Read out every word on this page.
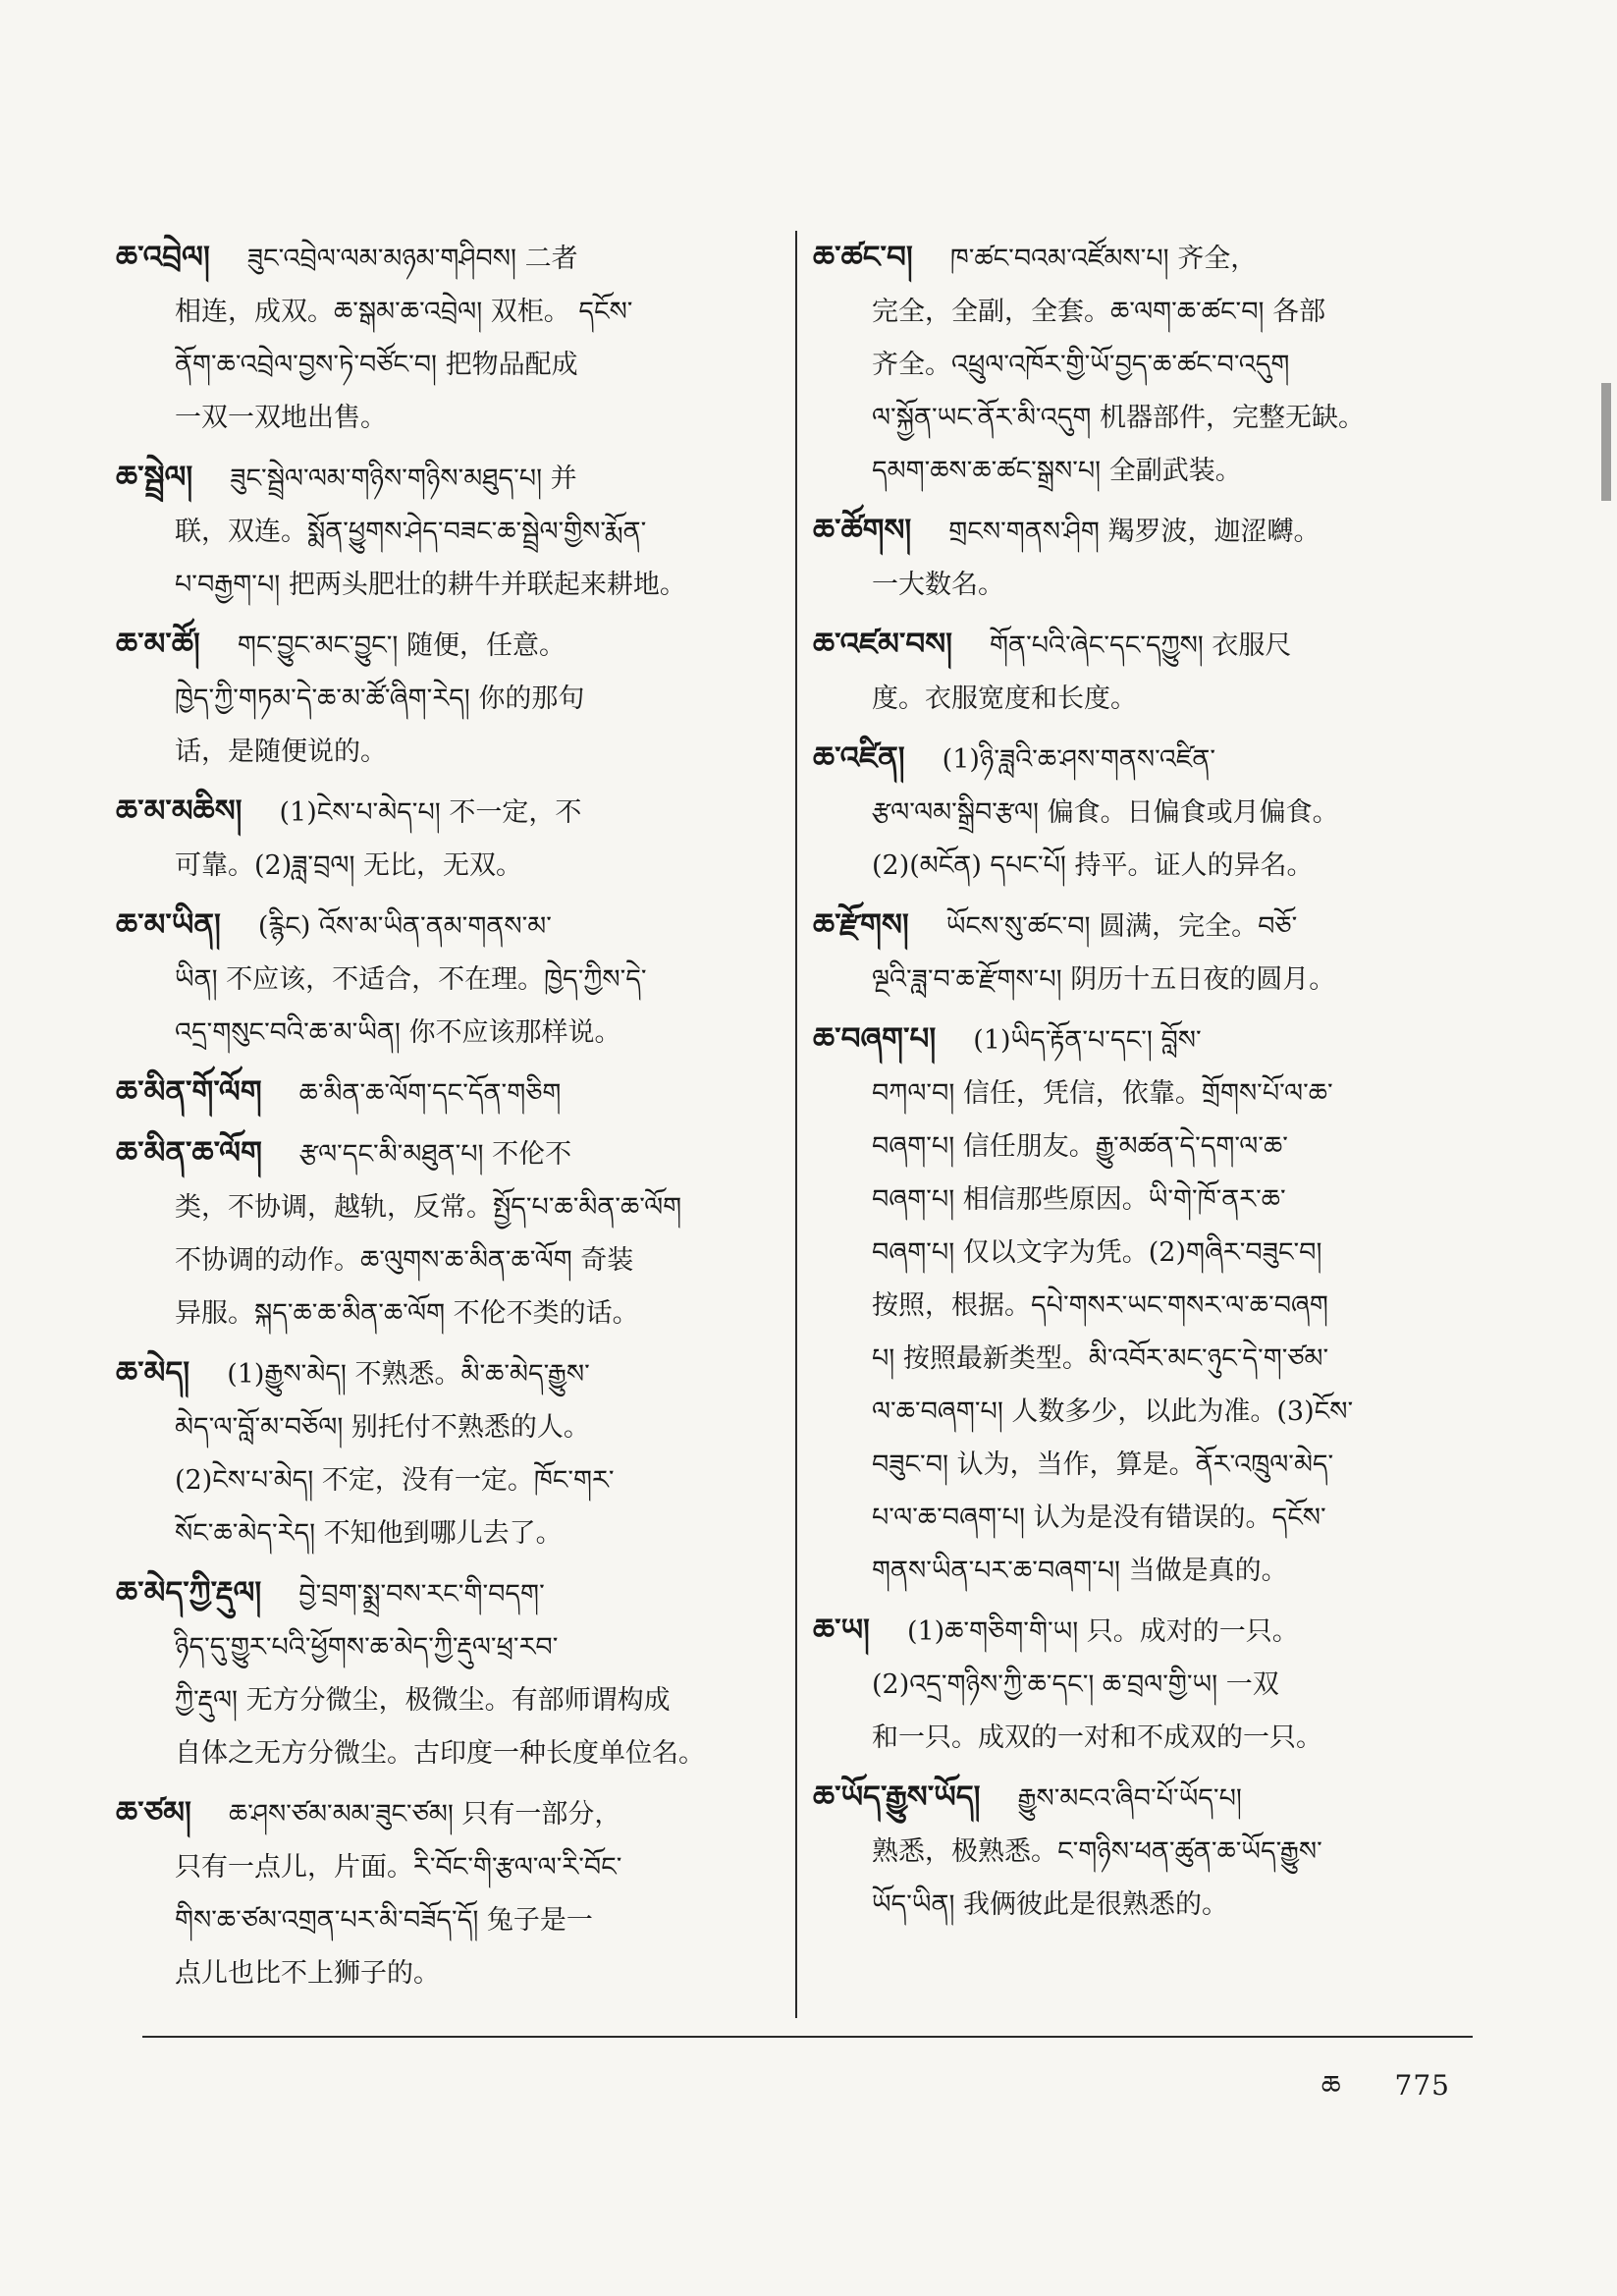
ཆ་འབྲེལ། ཟུང་འབྲེལ་ལམ་མཉམ་གཤིབས། 二者
相连，成双。ཆ་སྒམ་ཆ་འབྲེལ། 双柜。 དངོས་
ནོག་ཆ་འབྲེལ་བྱས་ཏེ་བཙོང་བ། 把物品配成
一双一双地出售。
ཆ་སྦྲེལ། ཟུང་སྦྲེལ་ལམ་གཉིས་གཉིས་མཐུད་པ། 并
联，双连。སྨོན་ཕྱུགས་ཤེད་བཟང་ཆ་སྦྲེལ་གྱིས་རྨོན་
པ་བརྒྱག་པ། 把两头肥壮的耕牛并联起来耕地。
ཆ་མ་ཚོ། གང་བྱུང་མང་བྱུང་། 随便，任意。
ཁྱེད་ཀྱི་གཏམ་དེ་ཆ་མ་ཚོ་ཞིག་རེད། 你的那句
话，是随便说的。
ཆ་མ་མཆིས། (1)ངེས་པ་མེད་པ། 不一定，不
可靠。(2)ཟླ་བྲལ། 无比，无双。
ཆ་མ་ཡིན། (རྙིང) འོས་མ་ཡིན་ནམ་གནས་མ་
ཡིན། 不应该，不适合，不在理。ཁྱེད་ཀྱིས་དེ་
འདྲ་གསུང་བའི་ཆ་མ་ཡིན། 你不应该那样说。
ཆ་མིན་གོ་ལོག ཆ་མིན་ཆ་ལོག་དང་དོན་གཅིག
ཆ་མིན་ཆ་ལོག རྩལ་དང་མི་མཐུན་པ། 不伦不
类，不协调，越轨，反常。སྤྱོད་པ་ཆ་མིན་ཆ་ལོག
不协调的动作。ཆ་ལུགས་ཆ་མིན་ཆ་ལོག 奇装
异服。སྐད་ཆ་ཆ་མིན་ཆ་ལོག 不伦不类的话。
ཆ་མེད། (1)རྒྱུས་མེད། 不熟悉。མི་ཆ་མེད་རྒྱུས་
མེད་ལ་བློ་མ་བཅོལ། 别托付不熟悉的人。
(2)ངེས་པ་མེད། 不定，没有一定。ཁོང་གར་
སོང་ཆ་མེད་རེད། 不知他到哪儿去了。
ཆ་མེད་ཀྱི་རྡུལ། བྱེ་བྲག་སྨྲ་བས་རང་གི་བདག་
ཉིད་དུ་གྱུར་པའི་ཕྱོགས་ཆ་མེད་ཀྱི་རྡུལ་ཕྲ་རབ་
ཀྱི་རྡུལ། 无方分微尘，极微尘。有部师谓构成
自体之无方分微尘。古印度一种长度单位名。
ཆ་ཙམ། ཆ་ཤས་ཙམ་མམ་ཟུང་ཙམ། 只有一部分，
只有一点儿，片面。རི་བོང་གི་རྩལ་ལ་རི་བོང་
གིས་ཆ་ཙམ་འགྲན་པར་མི་བཟོད་དོ། 兔子是一
点儿也比不上狮子的。
ཆ་ཚང་བ། ཁ་ཚང་བའམ་འཛོམས་པ། 齐全，
完全，全副，全套。ཆ་ལག་ཆ་ཚང་བ། 各部
齐全。འཕྲུལ་འཁོར་གྱི་ཡོ་བྱད་ཆ་ཚང་བ་འདུག
ལ་སྐྱོན་ཡང་ནོར་མི་འདུག 机器部件，完整无缺。
དམག་ཆས་ཆ་ཚང་སྒྲས་པ། 全副武装。
ཆ་ཚོགས། གྲངས་གནས་ཤིག 羯罗波，迦涩嚩。
一大数名。
ཆ་འཛམ་བས། གོན་པའི་ཞེང་དང་དཀྱུས། 衣服尺
度。衣服宽度和长度。
ཆ་འཛིན། (1)ཉི་ཟླའི་ཆ་ཤས་གནས་འཛིན་
རྩལ་ལམ་སྒྲིབ་རྩལ། 偏食。日偏食或月偏食。
(2)(མངོན) དཔང་པོ། 持平。证人的异名。
ཆ་རྫོགས། ཡོངས་སུ་ཚང་བ། 圆满，完全。བཅོ་
ལྔའི་ཟླ་བ་ཆ་རྫོགས་པ། 阴历十五日夜的圆月。
ཆ་བཞག་པ། (1)ཡིད་རྟོན་པ་དང་། བློས་
བཀལ་བ། 信任，凭信，依靠。གྲོགས་པོ་ལ་ཆ་
བཞག་པ། 信任朋友。རྒྱུ་མཚན་དེ་དག་ལ་ཆ་
བཞག་པ། 相信那些原因。ཡི་གེ་ཁོ་ནར་ཆ་
བཞག་པ། 仅以文字为凭。(2)གཞིར་བཟུང་བ།
按照，根据。དཔེ་གསར་ཡང་གསར་ལ་ཆ་བཞག
པ། 按照最新类型。མི་འབོར་མང་ཉུང་དེ་ག་ཙམ་
ལ་ཆ་བཞག་པ། 人数多少，以此为准。(3)ངོས་
བཟུང་བ། 认为，当作，算是。ནོར་འཁྲུལ་མེད་
པ་ལ་ཆ་བཞག་པ། 认为是没有错误的。དངོས་
གནས་ཡིན་པར་ཆ་བཞག་པ། 当做是真的。
ཆ་ཡ། (1)ཆ་གཅིག་གི་ཡ། 只。成对的一只。
(2)འདྲ་གཉིས་ཀྱི་ཆ་དང་། ཆ་བྲལ་གྱི་ཡ། 一双
和一只。成双的一对和不成双的一只。
ཆ་ཡོད་རྒྱུས་ཡོད། རྒྱུས་མངའ་ཞིབ་པོ་ཡོད་པ།
熟悉，极熟悉。ང་གཉིས་ཕན་ཚུན་ཆ་ཡོད་རྒྱུས་
ཡོད་ཡིན། 我俩彼此是很熟悉的。
ཆ 775
